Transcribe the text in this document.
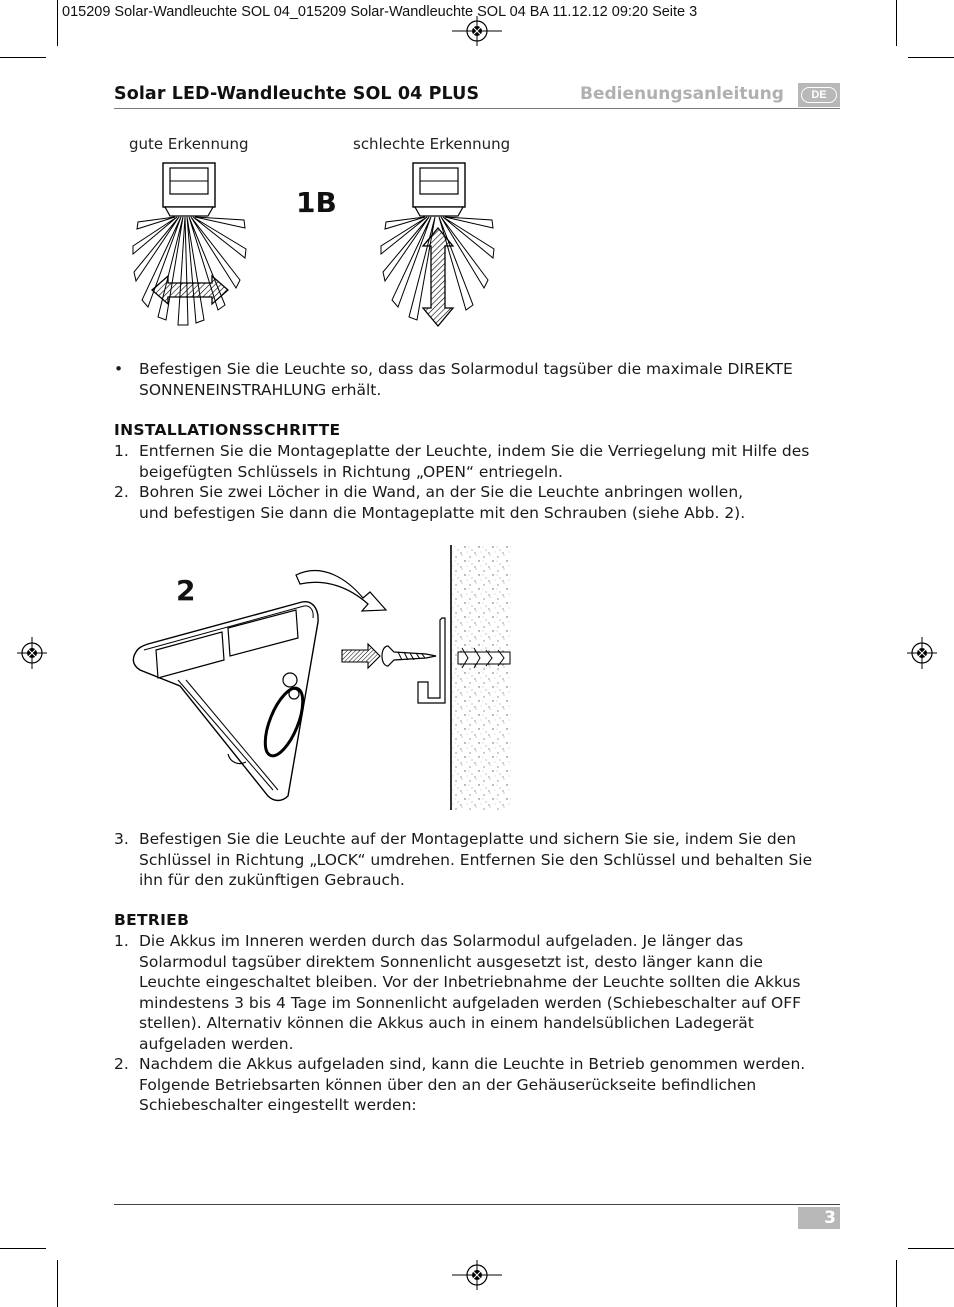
015209 Solar-Wandleuchte SOL 04_015209 Solar-Wandleuchte SOL 04 BA 11.12.12 09:20 Seite 3
Solar LED-Wandleuchte SOL 04 PLUS	Bedienungsanleitung	DE
gute Erkennung	schlechte Erkennung
1B
• Befestigen Sie die Leuchte so, dass das Solarmodul tagsüber die maximale DIREKTE SONNENEINSTRAHLUNG erhält.
INSTALLATIONSSCHRITTE
1. Entfernen Sie die Montageplatte der Leuchte, indem Sie die Verriegelung mit Hilfe des beigefügten Schlüssels in Richtung „OPEN“ entriegeln.
2. Bohren Sie zwei Löcher in die Wand, an der Sie die Leuchte anbringen wollen,
und befestigen Sie dann die Montageplatte mit den Schrauben (siehe Abb. 2).
2
3. Befestigen Sie die Leuchte auf der Montageplatte und sichern Sie sie, indem Sie den Schlüssel in Richtung „LOCK“ umdrehen. Entfernen Sie den Schlüssel und behalten Sie ihn für den zukünftigen Gebrauch.
BETRIEB
1. Die Akkus im Inneren werden durch das Solarmodul aufgeladen. Je länger das Solarmodul tagsüber direktem Sonnenlicht ausgesetzt ist, desto länger kann die Leuchte eingeschaltet bleiben. Vor der Inbetriebnahme der Leuchte sollten die Akkus mindestens 3 bis 4 Tage im Sonnenlicht aufgeladen werden (Schiebeschalter auf OFF stellen). Alternativ können die Akkus auch in einem handelsüblichen Ladegerät aufgeladen werden.
2. Nachdem die Akkus aufgeladen sind, kann die Leuchte in Betrieb genommen werden. Folgende Betriebsarten können über den an der Gehäuserückseite befindlichen Schiebeschalter eingestellt werden:
3
